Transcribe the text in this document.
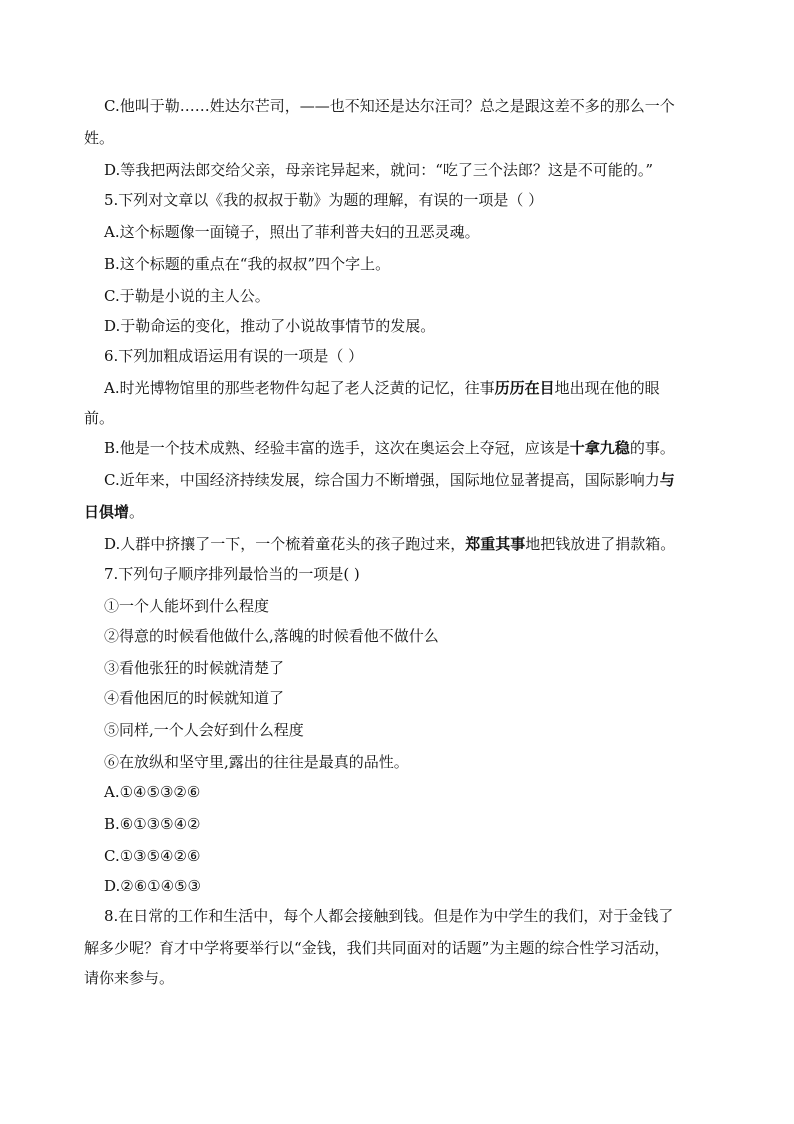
C.他叫于勒……姓达尔芒司，——也不知还是达尔汪司？总之是跟这差不多的那么一个
姓。
D.等我把两法郎交给父亲，母亲诧异起来，就问：“吃了三个法郎？这是不可能的。”
5.下列对文章以《我的叔叔于勒》为题的理解，有误的一项是（ ）
A.这个标题像一面镜子，照出了菲利普夫妇的丑恶灵魂。
B.这个标题的重点在“我的叔叔”四个字上。
C.于勒是小说的主人公。
D.于勒命运的变化，推动了小说故事情节的发展。
6.下列加粗成语运用有误的一项是（ ）
A.时光博物馆里的那些老物件勾起了老人泛黄的记忆，往事历历在目地出现在他的眼
前。
B.他是一个技术成熟、经验丰富的选手，这次在奥运会上夺冠，应该是十拿九稳的事。
C.近年来，中国经济持续发展，综合国力不断增强，国际地位显著提高，国际影响力与
日俱增。
D.人群中挤攘了一下，一个梳着童花头的孩子跑过来，郑重其事地把钱放进了捐款箱。
7.下列句子顺序排列最恰当的一项是( )
①一个人能坏到什么程度
②得意的时候看他做什么,落魄的时候看他不做什么
③看他张狂的时候就清楚了
④看他困厄的时候就知道了
⑤同样,一个人会好到什么程度
⑥在放纵和坚守里,露出的往往是最真的品性。
A.①④⑤③②⑥
B.⑥①③⑤④②
C.①③⑤④②⑥
D.②⑥①④⑤③
8.在日常的工作和生活中，每个人都会接触到钱。但是作为中学生的我们，对于金钱了
解多少呢？育才中学将要举行以“金钱，我们共同面对的话题”为主题的综合性学习活动，
请你来参与。
